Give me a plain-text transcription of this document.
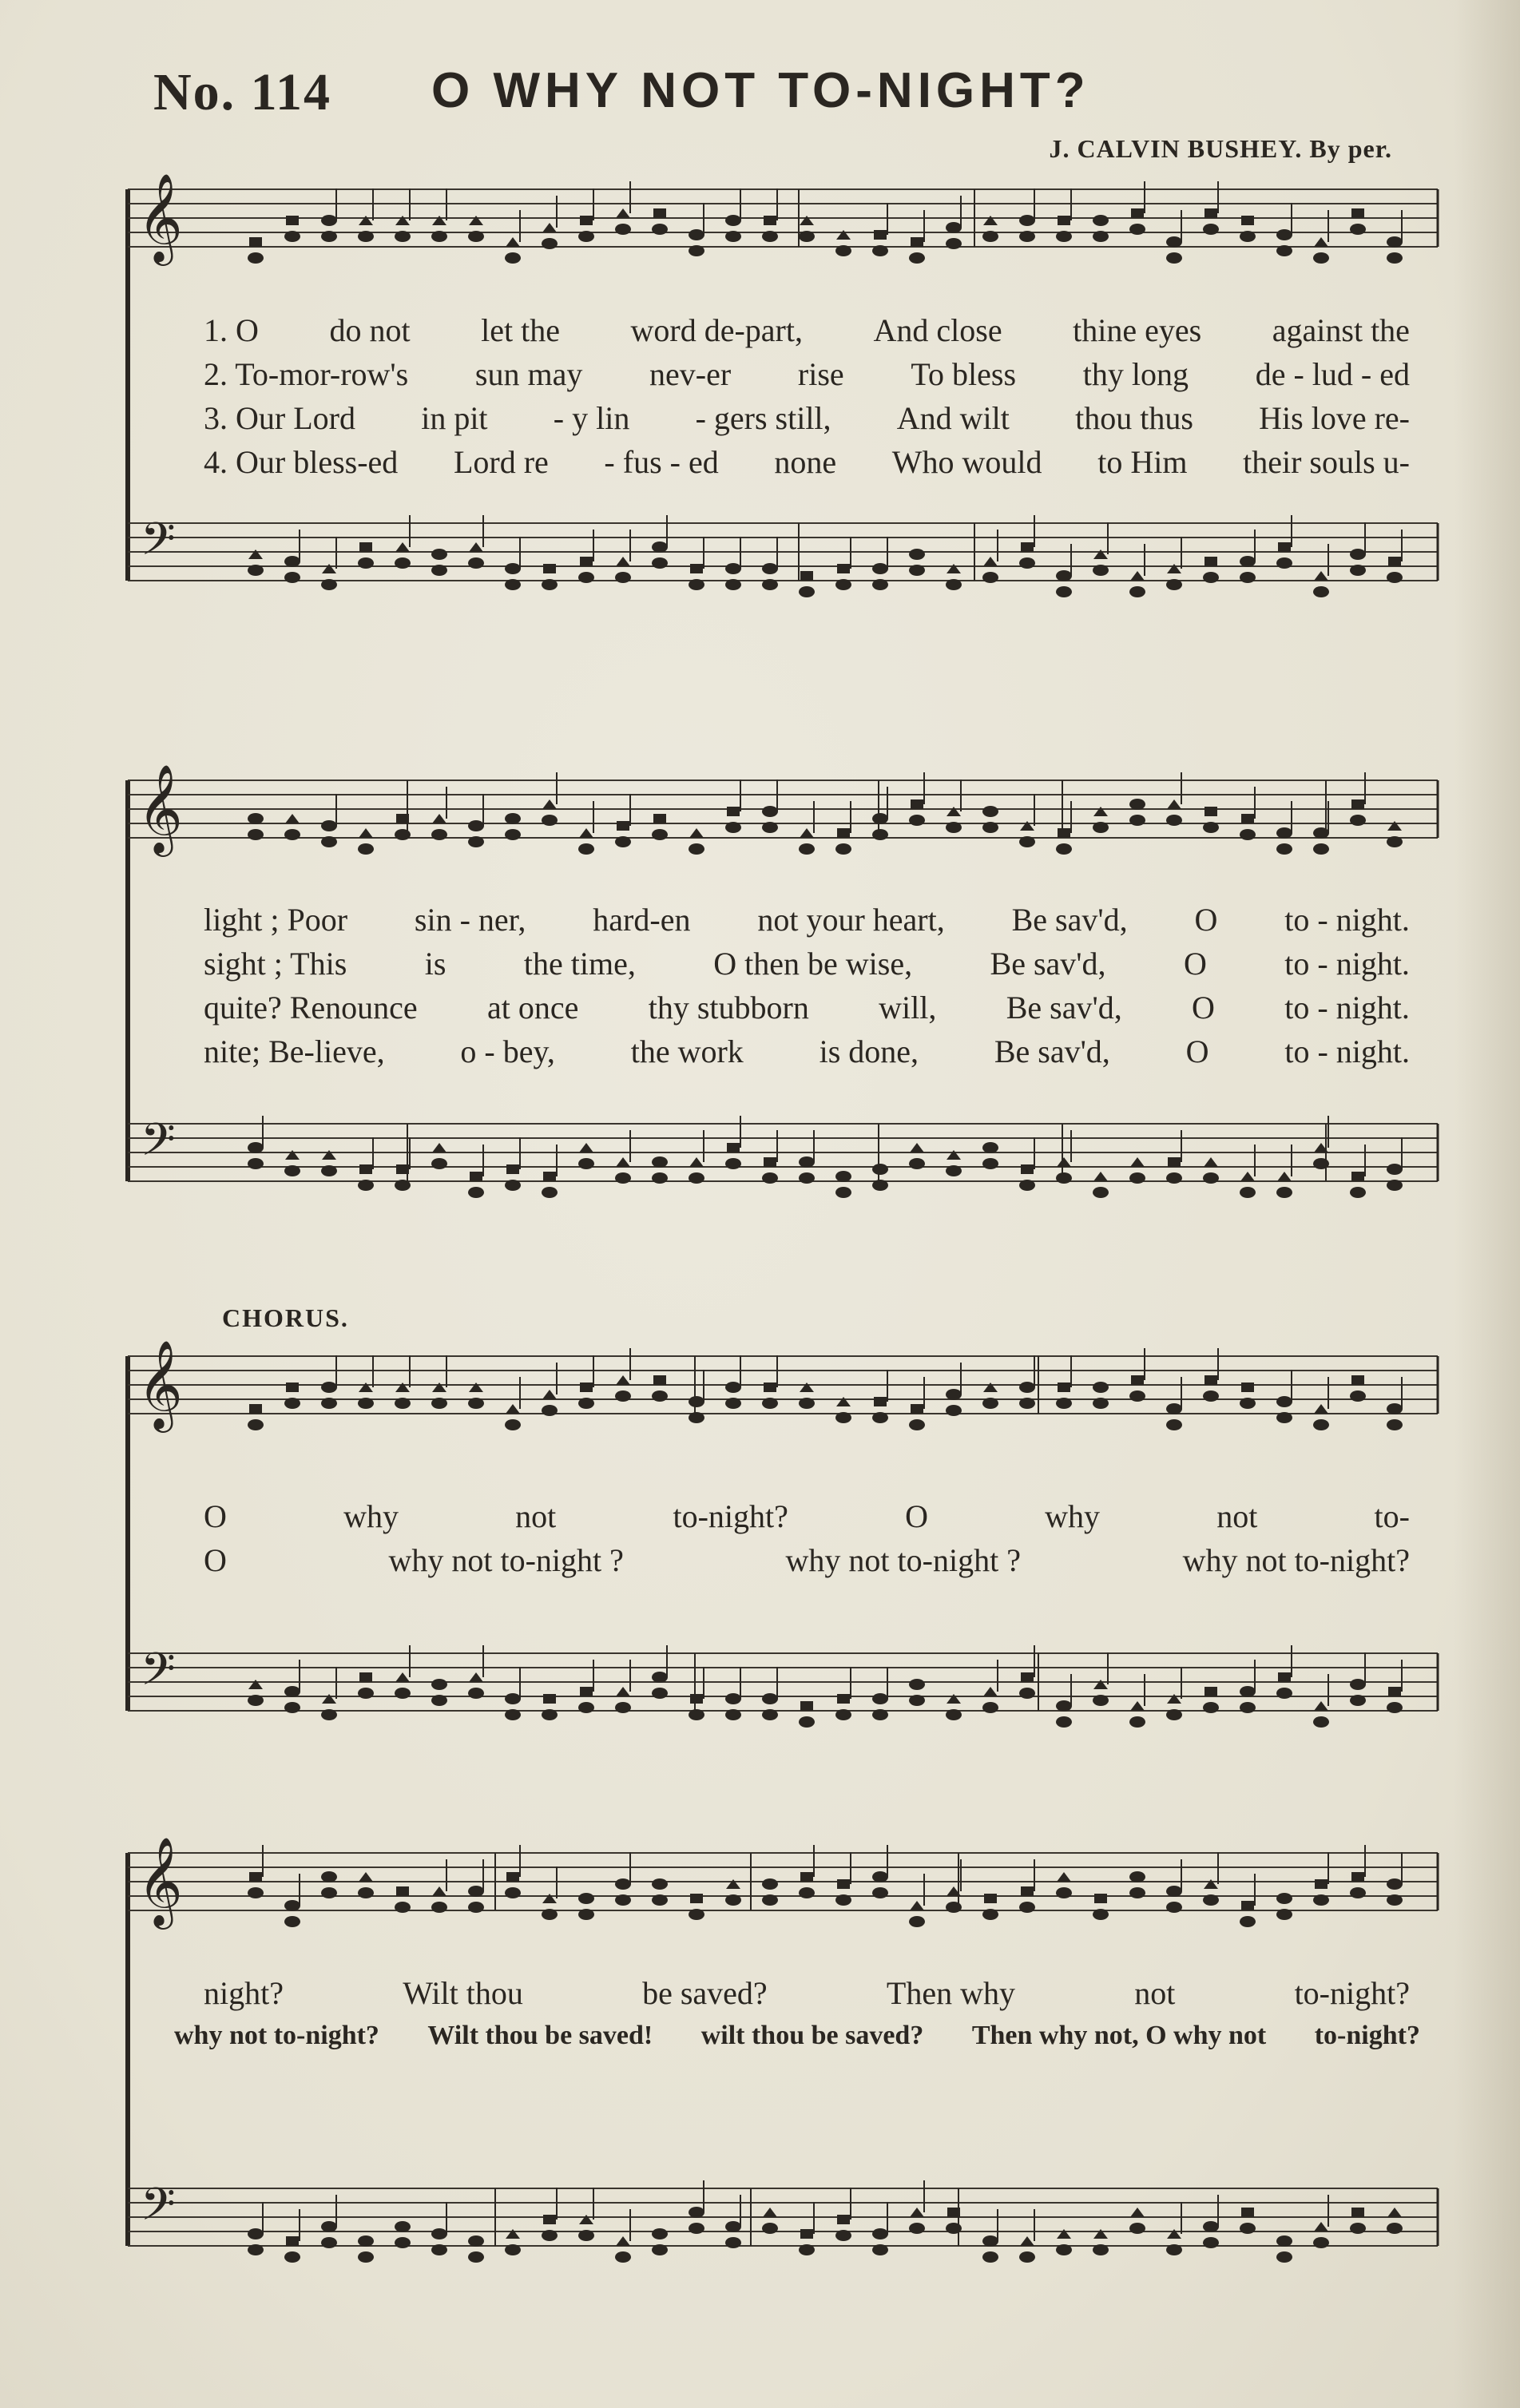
No. 114 O WHY NOT TO-NIGHT?
J. CALVIN BUSHEY. By per.
𝄞
𝄢
1. O do not let the word de-part, And close thine eyes against the
2. To-mor-row's sun may nev-er rise To bless thy long de - lud - ed
3. Our Lord in pit - y lin - gers still, And wilt thou thus His love re-
4. Our bless-ed Lord re - fus - ed none Who would to Him their souls u-
𝄞
𝄢
light ; Poor sin - ner, hard-en not your heart, Be sav'd, O to - night.
sight ; This is the time, O then be wise, Be sav'd, O to - night.
quite? Renounce at once thy stubborn will, Be sav'd, O to - night.
nite; Be-lieve, o - bey, the work is done, Be sav'd, O to - night.
CHORUS.
𝄞
𝄢
O	why	not	to-night?	O	why	not	to-
O	why not to-night ?	why not to-night ?	why not to-night?
𝄞
𝄢
night?	Wilt thou	be saved?	Then why	not	to-night?
why not to-night? Wilt thou be saved! wilt thou be saved? Then why not, O why not to-night?
